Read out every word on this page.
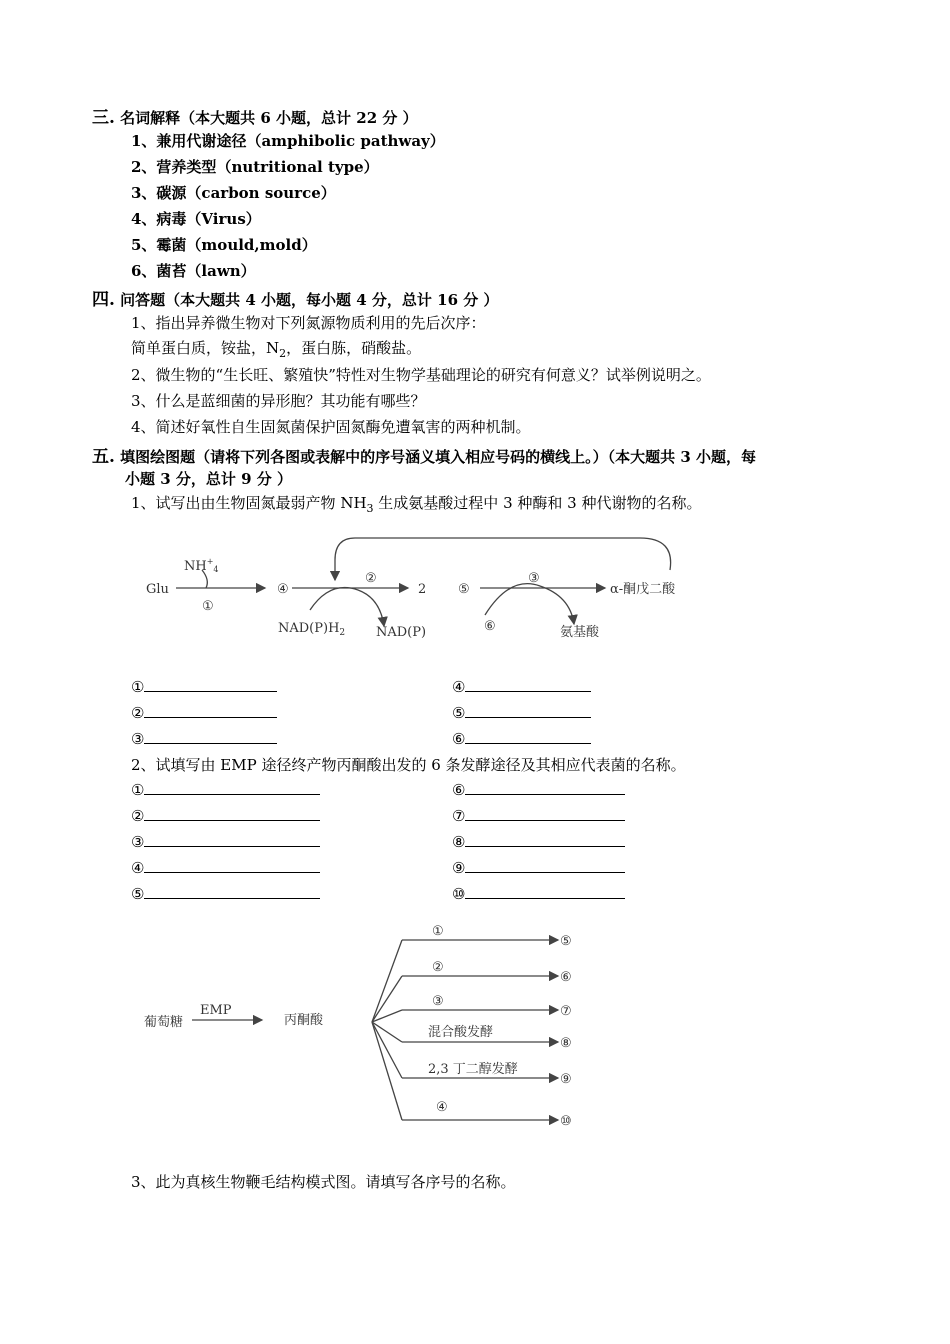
三. 名词解释（本大题共 6 小题，总计 22 分 ）
1、兼用代谢途径（amphibolic pathway）
2、营养类型（nutritional type）
3、碳源（carbon source）
4、病毒（Virus）
5、霉菌（mould,mold）
6、菌苔（lawn）
四. 问答题（本大题共 4 小题，每小题 4 分，总计 16 分 ）
1、指出异养微生物对下列氮源物质利用的先后次序：
简单蛋白质，铵盐，$N_2$，蛋白胨，硝酸盐。
2、微生物的“生长旺、繁殖快”特性对生物学基础理论的研究有何意义？试举例说明之。
3、什么是蓝细菌的异形胞？其功能有哪些？
4、简述好氧性自生固氮菌保护固氮酶免遭氧害的两种机制。
五. 填图绘图题（请将下列各图或表解中的序号涵义填入相应号码的横线上。）（本大题共 3 小题，每
小题 3 分，总计 9 分 ）
1、试写出由生物固氮最弱产物 $NH_3$ 生成氨基酸过程中 3 种酶和 3 种代谢物的名称。
Glu
$NH^+_4$
①
④
②
2 ⑤
③
α-酮戊二酸
$NAD(P)H_2$ NAD(P)	⑥	氨基酸
①
②
③
④
⑤
⑥
2、试填写由 EMP 途径终产物丙酮酸出发的 6 条发酵途径及其相应代表菌的名称。
①
②
③
④
⑤
⑥
⑦
⑧
⑨
⑩
葡萄糖
EMP
丙酮酸
①
②
③
混合酸发酵
2,3 丁二醇发酵
④
⑤
⑥
⑦
⑧
⑨
⑩
3、此为真核生物鞭毛结构模式图。请填写各序号的名称。
